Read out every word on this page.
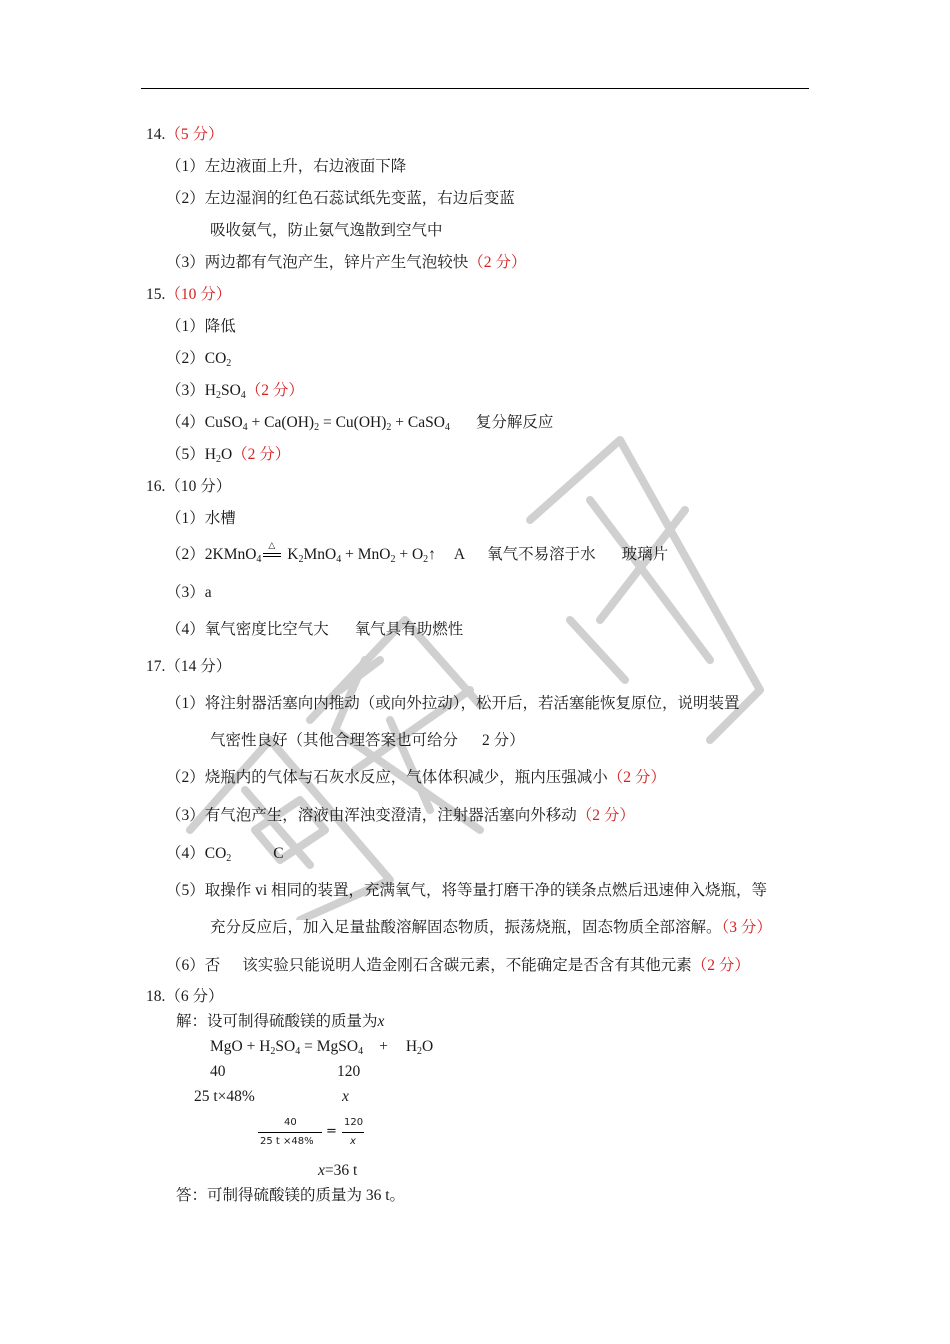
14.（5 分）
（1）左边液面上升，右边液面下降
（2）左边湿润的红色石蕊试纸先变蓝，右边后变蓝
吸收氨气，防止氨气逸散到空气中
（3）两边都有气泡产生，锌片产生气泡较快（2 分）
15.（10 分）
（1）降低
$(2)CO_2$
$(3)H_2SO_4(2$ 分）
（4）CuSO$_4$ + $Ca(OH)_2 = Cu(OH)_2$ + CaSO$_4$ 复分解反应
$(5)H_2O(2$ 分）
16.（10 分）
（1）水槽
（2）2KMnO$_4$
△ $K_2MnO_4 + MnO_2$ + $O_2↑$ A 氧气不易溶于水 玻璃片
（3）a
（4）氧气密度比空气大 氧气具有助燃性
17.（14 分）
（1）将注射器活塞向内推动（或向外拉动），松开后，若活塞能恢复原位，说明装置
气密性良好（其他合理答案也可给分 2 分）
（2）烧瓶内的气体与石灰水反应，气体体积减少，瓶内压强减小（2 分）
（3）有气泡产生，溶液由浑浊变澄清，注射器活塞向外移动（2 分）
$(4)CO_2$	C
（5）取操作 vi 相同的装置，充满氧气，将等量打磨干净的镁条点燃后迅速伸入烧瓶，等
充分反应后，加入足量盐酸溶解固态物质，振荡烧瓶，固态物质全部溶解。（3 分）
（6）否 该实验只能说明人造金刚石含碳元素，不能确定是否含有其他元素（2 分）
18.（6 分）
解：设可制得硫酸镁的质量为x
MgO + $H_2SO_4$ = MgSO$_4$ + $H_2O$
40	120
25 t×48%	x
40
25 t ×48%
=
120
x
x=36 t
答：可制得硫酸镁的质量为 36 t。
